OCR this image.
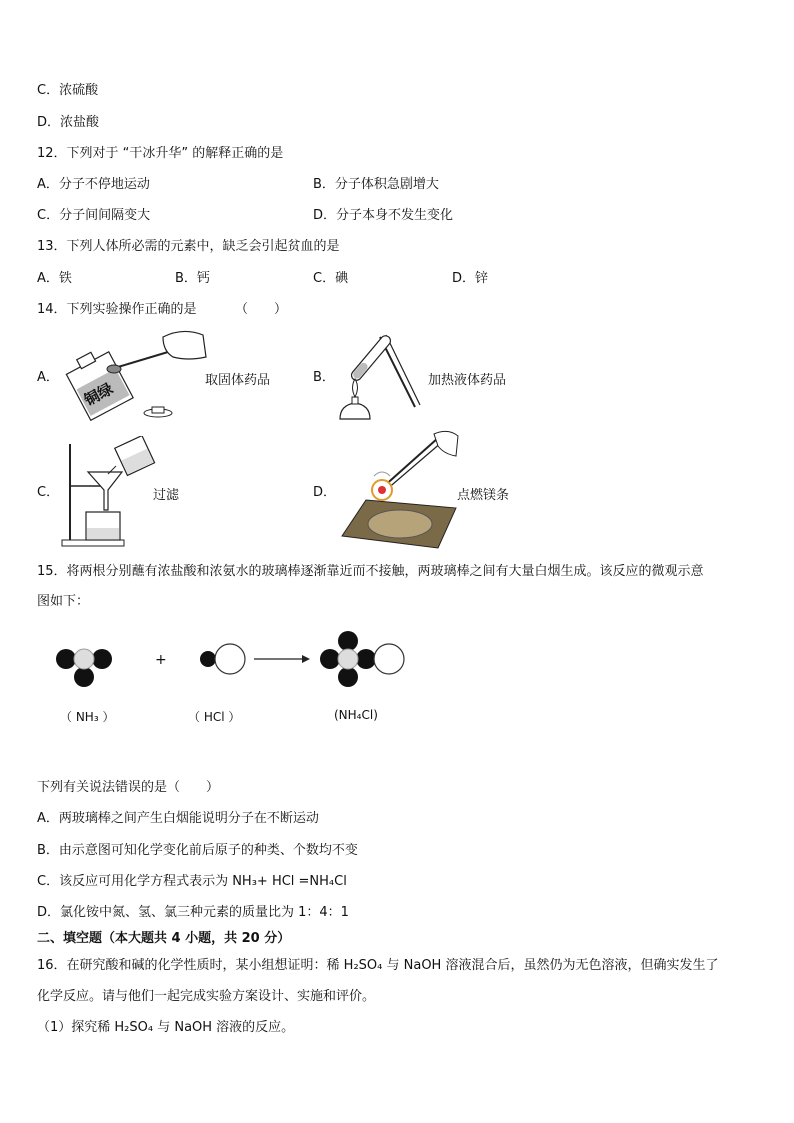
C．浓硫酸
D．浓盐酸
12．下列对于 “干冰升华” 的解释正确的是
A．分子不停地运动	B．分子体积急剧增大
C．分子间间隔变大	D．分子本身不发生变化
13．下列人体所必需的元素中，缺乏会引起贫血的是
A．铁	B．钙	C．碘	D．锌
14．下列实验操作正确的是	（　　）
A．
铜绿	取固体药品	B．	加热液体药品
C．	过滤	D．	点燃镁条
15．将两根分别蘸有浓盐酸和浓氨水的玻璃棒逐渐靠近而不接触，两玻璃棒之间有大量白烟生成。该反应的微观示意
图如下：
+
（ NH₃ ）	（ HCl ）	(NH₄Cl)
下列有关说法错误的是（　　）
A．两玻璃棒之间产生白烟能说明分子在不断运动
B．由示意图可知化学变化前后原子的种类、个数均不变
C．该反应可用化学方程式表示为 NH₃+ HCl =NH₄Cl
D．氯化铵中氮、氢、氯三种元素的质量比为 1：4：1
二、填空题（本大题共 4 小题，共 20 分）
16．在研究酸和碱的化学性质时，某小组想证明：稀 H₂SO₄ 与 NaOH 溶液混合后，虽然仍为无色溶液，但确实发生了
化学反应。请与他们一起完成实验方案设计、实施和评价。
（1）探究稀 H₂SO₄ 与 NaOH 溶液的反应。
